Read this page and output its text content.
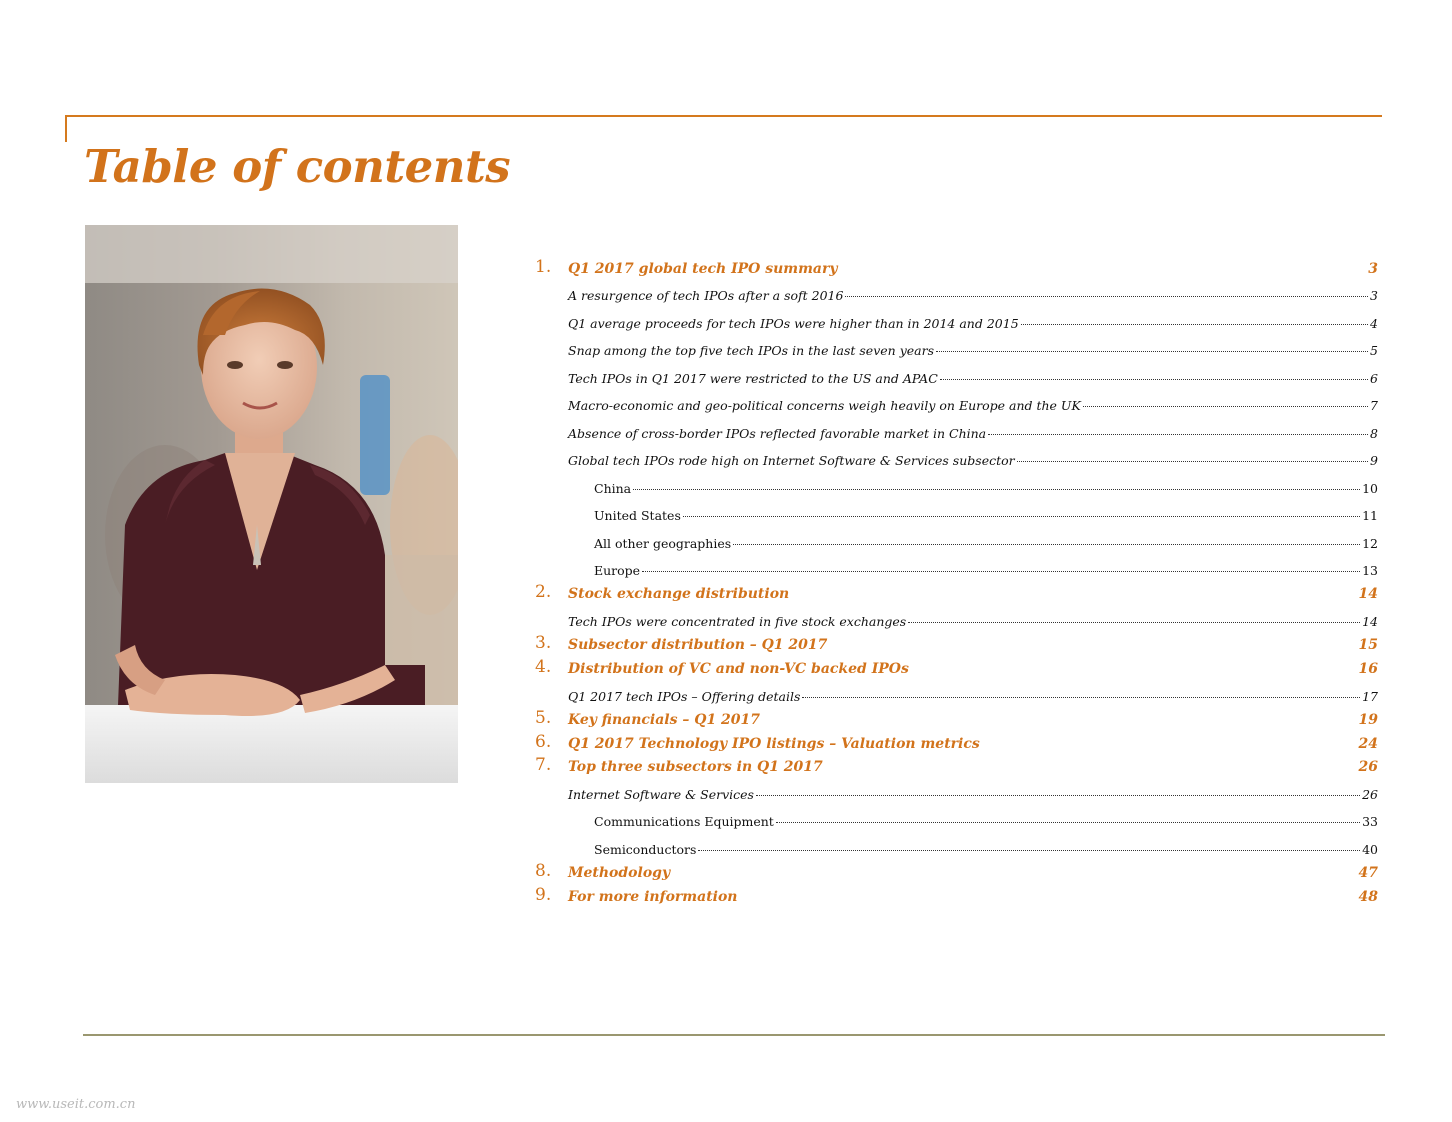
Table of contents
1. Q1 2017 global tech IPO summary	3
A resurgence of tech IPOs after a soft 2016	3
Q1 average proceeds for tech IPOs were higher than in 2014 and 2015	4
Snap among the top five tech IPOs in the last seven years	5
Tech IPOs in Q1 2017 were restricted to the US and APAC	6
Macro-economic and geo-political concerns weigh heavily on Europe and the UK	7
Absence of cross-border IPOs reflected favorable market in China	8
Global tech IPOs rode high on Internet Software & Services subsector	9
China	10
United States	11
All other geographies	12
Europe	13
2. Stock exchange distribution	14
Tech IPOs were concentrated in five stock exchanges	14
3. Subsector distribution – Q1 2017	15
4. Distribution of VC and non-VC backed IPOs	16
Q1 2017 tech IPOs – Offering details	17
5. Key financials – Q1 2017	19
6. Q1 2017 Technology IPO listings – Valuation metrics	24
7. Top three subsectors in Q1 2017	26
Internet Software & Services	26
Communications Equipment	33
Semiconductors	40
8. Methodology	47
9. For more information	48
www.useit.com.cn
